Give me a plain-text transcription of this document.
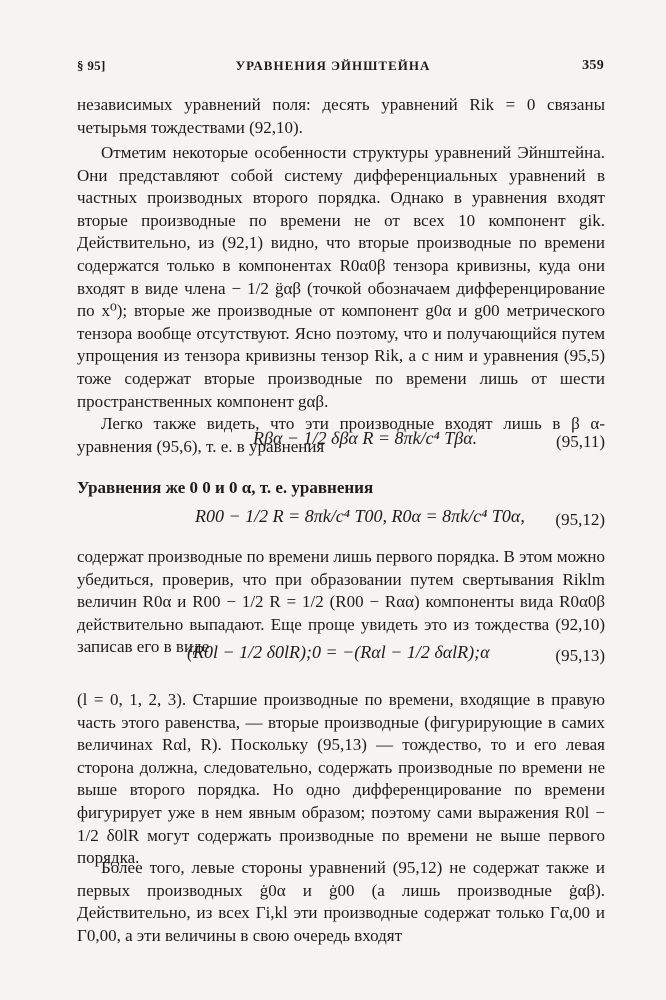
§ 95]	УРАВНЕНИЯ ЭЙНШТЕЙНА	359

независимых уравнений поля: десять уравнений Rik = 0 связаны четырьмя тождествами (92,10).

Отметим некоторые особенности структуры уравнений Эйнштейна. Они представляют собой систему дифференциальных уравнений в частных производных второго порядка. Однако в уравнения входят вторые производные по времени не от всех 10 компонент gik. Действительно, из (92,1) видно, что вторые производные по времени содержатся только в компонентах R0α0β тензора кривизны, куда они входят в виде члена − 1/2 g̈αβ (точкой обозначаем дифференцирование по x⁰); вторые же производные от компонент g0α и g00 метрического тензора вообще отсутствуют. Ясно поэтому, что и получающийся путем упрощения из тензора кривизны тензор Rik, а с ним и уравнения (95,5) тоже содержат вторые производные по времени лишь от шести пространственных компонент gαβ.

Легко также видеть, что эти производные входят лишь в β α-уравнения (95,6), т. е. в уравнения

Rβα − 1/2 δβα R = 8πk/c⁴ Tβα.	(95,11)
Уравнения же 0 0 и 0 α, т. е. уравнения
R00 − 1/2 R = 8πk/c⁴ T00, R0α = 8πk/c⁴ T0α, (95,12)

содержат производные по времени лишь первого порядка. В этом можно убедиться, проверив, что при образовании путем свертывания Riklm величин R0α и R00 − 1/2 R = 1/2 (R00 − Rαα) компоненты вида R0α0β действительно выпадают. Еще проще увидеть это из тождества (92,10) записав его в виде

(R0l − 1/2 δ0lR);0 = −(Rαl − 1/2 δαlR);α	(95,13)

(l = 0, 1, 2, 3). Старшие производные по времени, входящие в правую часть этого равенства, — вторые производные (фигурирующие в самих величинах Rαl, R). Поскольку (95,13) — тождество, то и его левая сторона должна, следовательно, содержать производные по времени не выше второго порядка. Но одно дифференцирование по времени фигурирует уже в нем явным образом; поэтому сами выражения R0l − 1/2 δ0lR могут содержать производные по времени не выше первого порядка.

Более того, левые стороны уравнений (95,12) не содержат также и первых производных ġ0α и ġ00 (а лишь производные ġαβ). Действительно, из всех Γi,kl эти производные содержат только Γα,00 и Γ0,00, а эти величины в свою очередь входят
